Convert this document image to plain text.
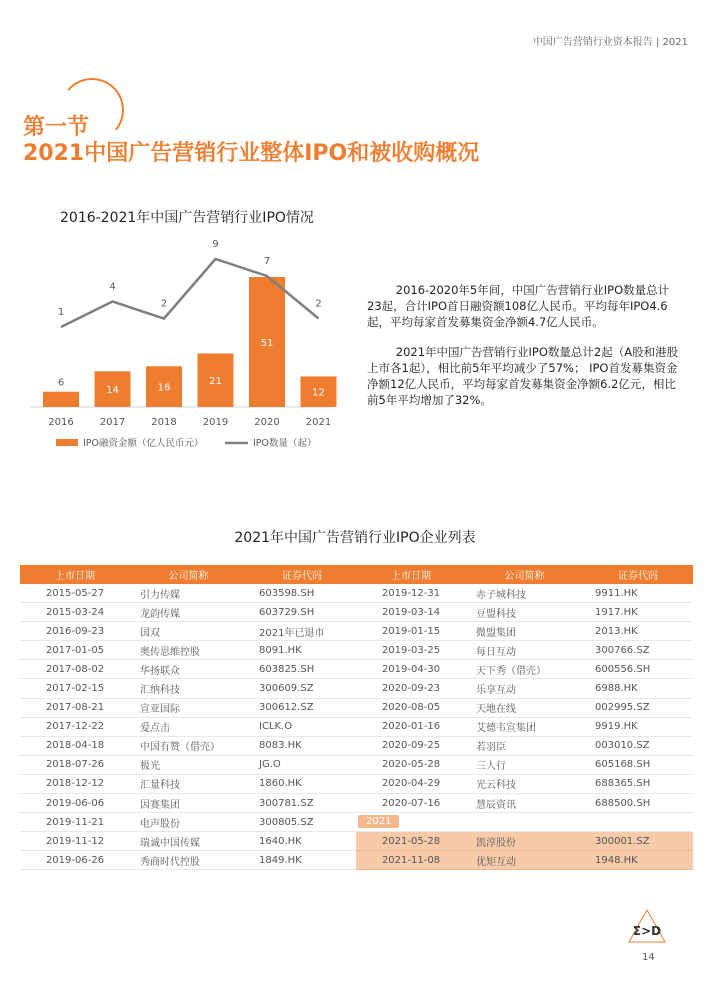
中国广告营销行业资本报告 | 2021
第一节
2021中国广告营销行业整体IPO和被收购概况
2016-2021年中国广告营销行业IPO情况
6
2016
14
2017
16
2018
21
2019
51
2020
12
2021
1
4
2
9
7
2
IPO融资金额（亿人民币元）	IPO数量（起）

2016-2020年5年间，中国广告营销行业IPO数量总计23起，合计IPO首日融资额108亿人民币。平均每年IPO4.6起，平均每家首发募集资金净额4.7亿人民币。

2021年中国广告营销行业IPO数量总计2起（A股和港股上市各1起），相比前5年平均减少了57%； IPO首发募集资金净额12亿人民币，平均每家首发募集资金净额6.2亿元，相比前5年平均增加了32%。

2021年中国广告营销行业IPO企业列表
上市日期	公司简称	证券代码
2015-05-27	引力传媒	603598.SH
2015-03-24	龙韵传媒	603729.SH
2016-09-23	国双	2021年已退市
2017-01-05	奥传思维控股	8091.HK
2017-08-02	华扬联众	603825.SH
2017-02-15	汇纳科技	300609.SZ
2017-08-21	宣亚国际	300612.SZ
2017-12-22	爱点击	ICLK.O
2018-04-18	中国有赞（借壳）	8083.HK
2018-07-26	极光	JG.O
2018-12-12	汇量科技	1860.HK
2019-06-06	因赛集团	300781.SZ
2019-11-21	电声股份	300805.SZ
2019-11-12	瑞诚中国传媒	1640.HK
2019-06-26	秀商时代控股	1849.HK
上市日期	公司简称	证券代码
2019-12-31	赤子城科技	9911.HK
2019-03-14	豆盟科技	1917.HK
2019-01-15	微盟集团	2013.HK
2019-03-25	每日互动	300766.SZ
2019-04-30	天下秀（借壳）	600556.SH
2020-09-23	乐享互动	6988.HK
2020-08-05	天地在线	002995.SZ
2020-01-16	艾德韦宣集团	9919.HK
2020-09-25	若羽臣	003010.SZ
2020-05-28	三人行	605168.SH
2020-04-29	光云科技	688365.SH
2020-07-16	慧辰资讯	688500.SH
2021
2021-05-28	凯淳股份	300001.SZ
2021-11-08	优矩互动	1948.HK
Σ>D
14
